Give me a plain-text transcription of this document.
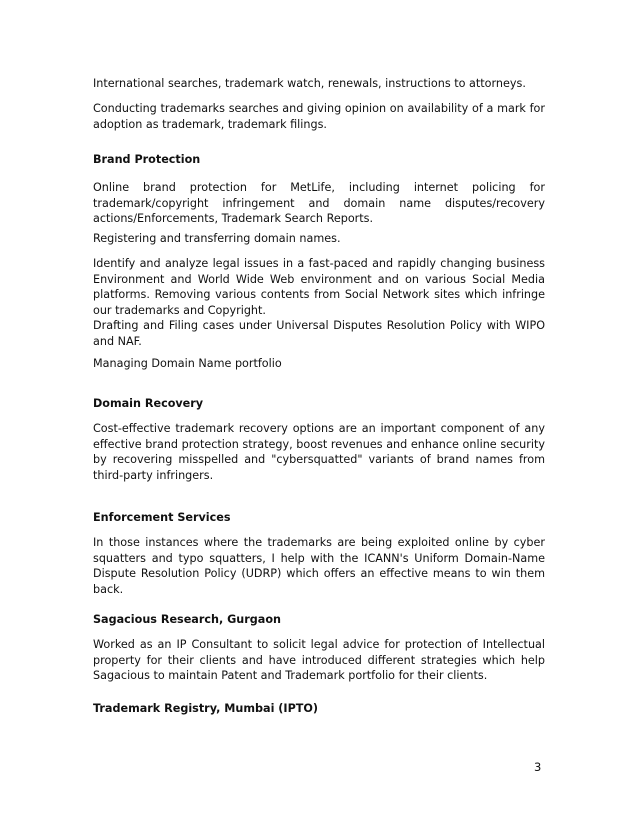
International searches, trademark watch, renewals, instructions to attorneys.
Conducting trademarks searches and giving opinion on availability of a mark for adoption as trademark, trademark filings.
Brand Protection
Online brand protection for MetLife, including internet policing for trademark/copyright infringement and domain name disputes/recovery actions/Enforcements, Trademark Search Reports.
Registering and transferring domain names.
Identify and analyze legal issues in a fast-paced and rapidly changing business Environment and World Wide Web environment and on various Social Media platforms. Removing various contents from Social Network sites which infringe our trademarks and Copyright.
Drafting and Filing cases under Universal Disputes Resolution Policy with WIPO and NAF.
Managing Domain Name portfolio
Domain Recovery
Cost-effective trademark recovery options are an important component of any effective brand protection strategy, boost revenues and enhance online security by recovering misspelled and "cybersquatted" variants of brand names from third-party infringers.
Enforcement Services
In those instances where the trademarks are being exploited online by cyber squatters and typo squatters, I help with the ICANN's Uniform Domain-Name Dispute Resolution Policy (UDRP) which offers an effective means to win them back.
Sagacious Research, Gurgaon
Worked as an IP Consultant to solicit legal advice for protection of Intellectual property for their clients and have introduced different strategies which help Sagacious to maintain Patent and Trademark portfolio for their clients.
Trademark Registry, Mumbai (IPTO)
3
